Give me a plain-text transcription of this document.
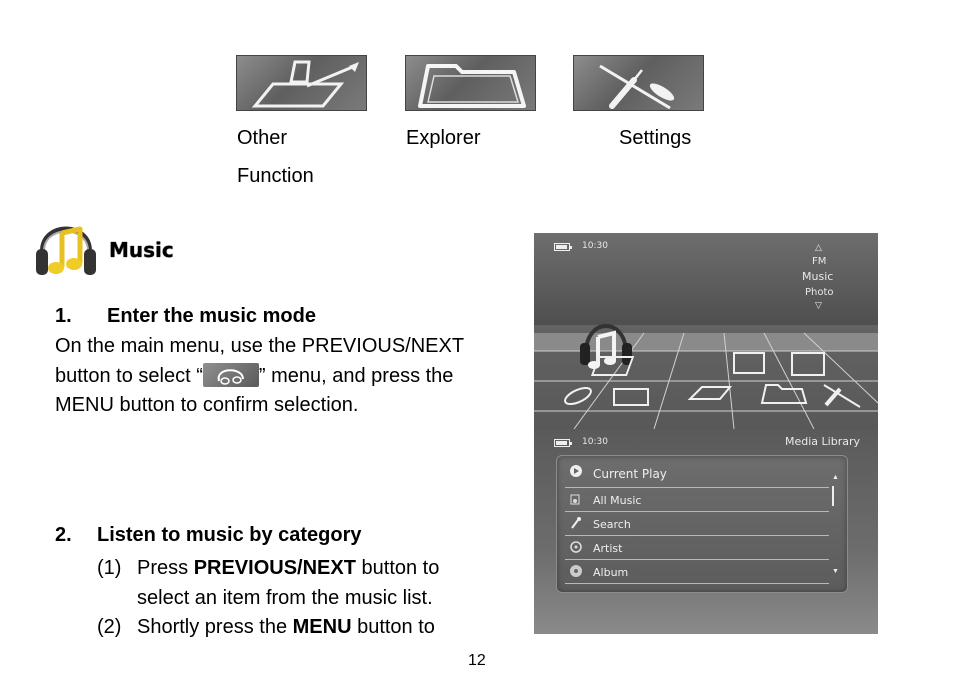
Other
Function
Explorer	Settings
Music
1. Enter the music mode
On the main menu, use the PREVIOUS/NEXT
button to select “	” menu, and press the
MENU button to confirm selection.
2. Listen to music by category
(1) Press PREVIOUS/NEXT button to
select an item from the music list.
(2) Shortly press the MENU button to
10:30	△
FM
Music
Photo
▽
10:30	Media Library
Current Play
All Music
Search
Artist
Album
▲
▼
12
